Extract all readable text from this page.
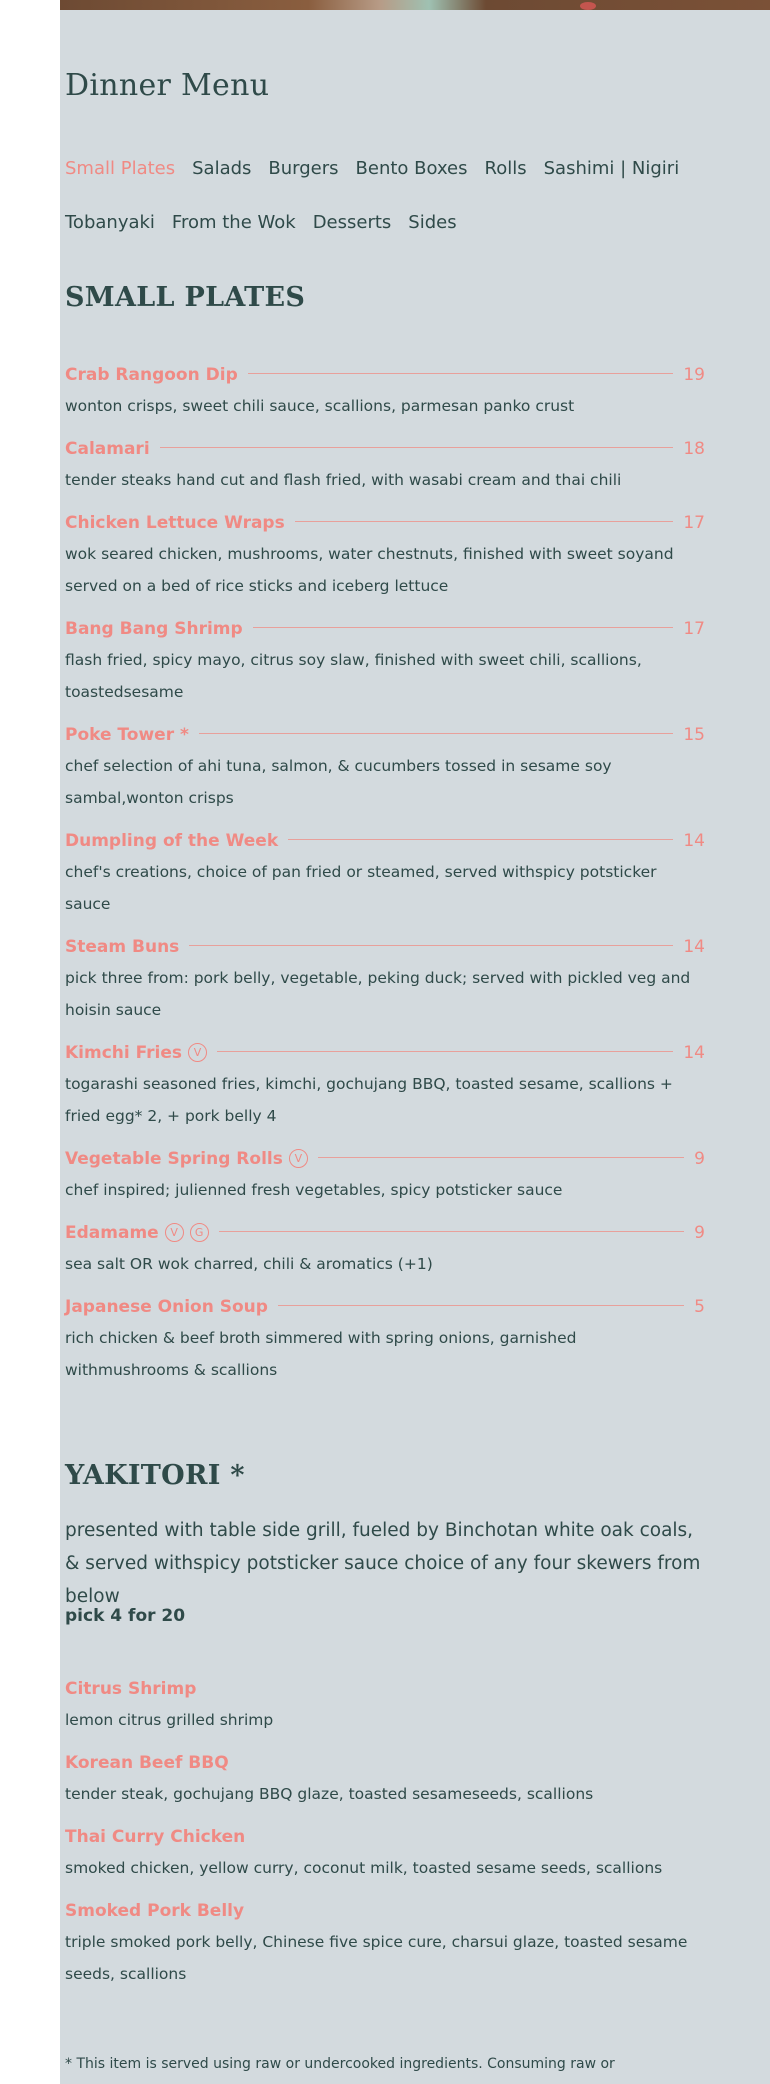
Dinner Menu
Small Plates Salads Burgers Bento Boxes Rolls Sashimi | NigiriTobanyaki From the Wok Desserts Sides
SMALL PLATES
Crab Rangoon Dip	19

wonton crisps, sweet chili sauce, scallions, parmesan panko crust

Calamari	18

tender steaks hand cut and flash fried, with wasabi cream and thai chili

Chicken Lettuce Wraps	17

wok seared chicken, mushrooms, water chestnuts, finished with sweet soyand served on a bed of rice sticks and iceberg lettuce

Bang Bang Shrimp	17

flash fried, spicy mayo, citrus soy slaw, finished with sweet chili, scallions, toastedsesame

Poke Tower *	15

chef selection of ahi tuna, salmon, & cucumbers tossed in sesame soy sambal,wonton crisps

Dumpling of the Week	14

chef's creations, choice of pan fried or steamed, served withspicy potsticker sauce

Steam Buns	14

pick three from: pork belly, vegetable, peking duck; served with pickled veg and hoisin sauce

Kimchi Fries V	14

togarashi seasoned fries, kimchi, gochujang BBQ, toasted sesame, scallions + fried egg* 2, + pork belly 4

Vegetable Spring Rolls V	9

chef inspired; julienned fresh vegetables, spicy potsticker sauce

Edamame V G	9

sea salt OR wok charred, chili & aromatics (+1)

Japanese Onion Soup	5

rich chicken & beef broth simmered with spring onions, garnished withmushrooms & scallions

YAKITORI *

presented with table side grill, fueled by Binchotan white oak coals, & served withspicy potsticker sauce choice of any four skewers from below

pick 4 for 20

Citrus Shrimp

lemon citrus grilled shrimp

Korean Beef BBQ

tender steak, gochujang BBQ glaze, toasted sesameseeds, scallions

Thai Curry Chicken

smoked chicken, yellow curry, coconut milk, toasted sesame seeds, scallions

Smoked Pork Belly

triple smoked pork belly, Chinese five spice cure, charsui glaze, toasted sesame seeds, scallions

* This item is served using raw or undercooked ingredients. Consuming raw or
